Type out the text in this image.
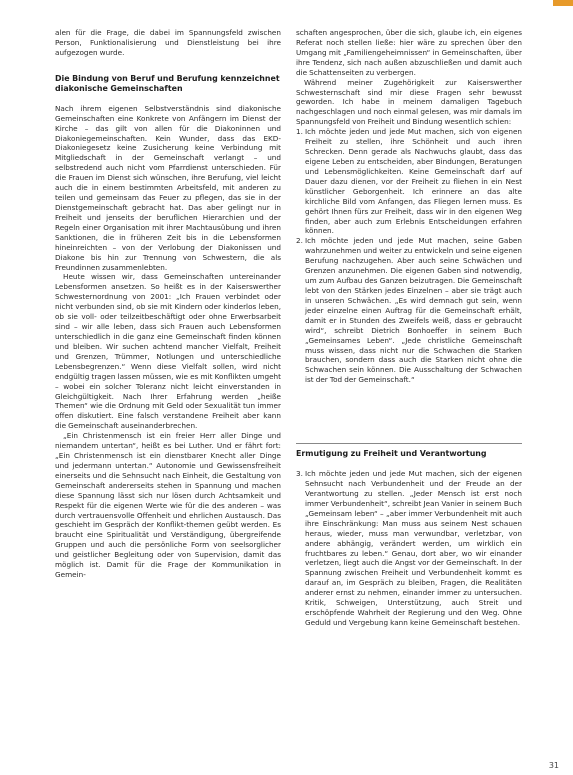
alen für die Frage, die dabei im Spannungsfeld zwischen Person, Funktionalisierung und Dienstleistung bei ihre aufgezogen wurde.

Die Bindung von Beruf und Berufung kennzeichnet diakonische Gemeinschaften

Nach ihrem eigenen Selbstverständnis sind diakonische Gemeinschaften eine Konkrete von Anfängern im Dienst der Kirche – das gilt von allen für die Diakoninnen und Diakoniegemeinschaften. Kein Wunder, dass das EKD-Diakoniegesetz keine Zusicherung keine Verbindung mit Mitgliedschaft in der Gemeinschaft verlangt – und selbstredend auch nicht vom Pfarrdienst unterschieden. Für die Frauen im Dienst sich wünschen, ihre Berufung, viel leicht auch die in einem bestimmten Arbeitsfeld, mit anderen zu teilen und gemeinsam das Feuer zu pflegen, das sie in der Dienstgemeinschaft gebracht hat. Das aber gelingt nur in Freiheit und jenseits der beruflichen Hierarchien und der Regeln einer Organisation mit ihrer Machtausübung und ihren Sanktionen, die in früheren Zeit bis in die Lebensformen hineinreichten – von der Verlobung der Diakonissen und Diakone bis hin zur Trennung von Schwestern, die als Freundinnen zusammenlebten.

Heute wissen wir, dass Gemeinschaften untereinander Lebensformen ansetzen. So heißt es in der Kaiserswerther Schwesternordnung von 2001: „Ich Frauen verbindet oder nicht verbunden sind, ob sie mit Kindern oder kinderlos leben, ob sie voll- oder teilzeitbeschäftigt oder ohne Erwerbsarbeit sind – wir alle leben, dass sich Frauen auch Lebensformen unterschiedlich in die ganz eine Gemeinschaft finden können und bleiben. Wir suchen achtend mancher Vielfalt, Freiheit und Grenzen, Trümmer, Notlungen und unterschiedliche Lebensbegrenzen.“ Wenn diese Vielfalt sollen, wird nicht endgültig tragen lassen müssen, wie es mit Konflikten umgeht – wobei ein solcher Toleranz nicht leicht einverstanden in Gleichgültigkeit. Nach Ihrer Erfahrung werden „heiße Themen“ wie die Ordnung mit Geld oder Sexualität tun immer offen diskutiert. Eine falsch verstandene Freiheit aber kann die Gemeinschaft auseinanderbrechen.

„Ein Christenmensch ist ein freier Herr aller Dinge und niemandem untertan“, heißt es bei Luther. Und er fährt fort: „Ein Christenmensch ist ein dienstbarer Knecht aller Dinge und jedermann untertan.“ Autonomie und Gewissensfreiheit einerseits und die Sehnsucht nach Einheit, die Gestaltung von Gemeinschaft andererseits stehen in Spannung und machen diese Spannung lässt sich nur lösen durch Achtsamkeit und Respekt für die eigenen Werte wie für die des anderen – was durch vertrauensvolle Offenheit und ehrlichen Austausch. Das geschieht im Gespräch der Konflikt-themen geübt werden. Es braucht eine Spiritualität und Verständigung, übergreifende Gruppen und auch die persönliche Form von seelsorglicher und geistlicher Begleitung oder von Supervision, damit das möglich ist. Damit für die Frage der Kommunikation in Gemein-

schaften angesprochen, über die sich, glaube ich, ein eigenes Referat noch stellen ließe: hier wäre zu sprechen über den Umgang mit „Familiengeheimnissen“ in Gemeinschaften, über ihre Tendenz, sich nach außen abzuschließen und damit auch die Schattenseiten zu verbergen.

Während meiner Zugehörigkeit zur Kaiserswerther Schwesternschaft sind mir diese Fragen sehr bewusst geworden. Ich habe in meinem damaligen Tagebuch nachgeschlagen und noch einmal gelesen, was mir damals im Spannungsfeld von Freiheit und Bindung wesentlich schien:

1. Ich möchte jeden und jede Mut machen, sich von eigenen Freiheit zu stellen, ihre Schönheit und auch ihren Schrecken. Denn gerade als Nachwuchs glaubt, dass das eigene Leben zu entscheiden, aber Bindungen, Beratungen und Lebensmöglichkeiten. Keine Gemeinschaft darf auf Dauer dazu dienen, vor der Freiheit zu fliehen in ein Nest künstlicher Geborgenheit. Ich erinnere an das alte kirchliche Bild vom Anfangen, das Fliegen lernen muss. Es gehört Ihnen fürs zur Freiheit, dass wir in den eigenen Weg finden, aber auch zum Erlebnis Entscheidungen erfahren können.
2. Ich möchte jeden und jede Mut machen, seine Gaben wahrzunehmen und weiter zu entwickeln und seine eigenen Berufung nachzugehen. Aber auch seine Schwächen und Grenzen anzunehmen. Die eigenen Gaben sind notwendig, um zum Aufbau des Ganzen beizutragen. Die Gemeinschaft lebt von den Stärken jedes Einzelnen – aber sie trägt auch in unseren Schwächen. „Es wird demnach gut sein, wenn jeder einzelne einen Auftrag für die Gemeinschaft erhält, damit er in Stunden des Zweifels weiß, dass er gebraucht wird“, schreibt Dietrich Bonhoeffer in seinem Buch „Gemeinsames Leben“. „Jede christliche Gemeinschaft muss wissen, dass nicht nur die Schwachen die Starken brauchen, sondern dass auch die Starken nicht ohne die Schwachen sein können. Die Ausschaltung der Schwachen ist der Tod der Gemeinschaft.“
Ermutigung zu Freiheit und Verantwortung
3. Ich möchte jeden und jede Mut machen, sich der eigenen Sehnsucht nach Verbundenheit und der Freude an der Verantwortung zu stellen. „Jeder Mensch ist erst noch immer Verbundenheit“, schreibt Jean Vanier in seinem Buch „Gemeinsam leben“ – „aber immer Verbundenheit mit auch ihre Einschränkung: Man muss aus seinem Nest schauen heraus, wieder, muss man verwundbar, verletzbar, von andere abhängig, verändert werden, um wirklich ein fruchtbares zu leben.“ Genau, dort aber, wo wir einander verletzen, liegt auch die Angst vor der Gemeinschaft. In der Spannung zwischen Freiheit und Verbundenheit kommt es darauf an, im Gespräch zu bleiben, Fragen, die Realitäten anderer ernst zu nehmen, einander immer zu untersuchen. Kritik, Schweigen, Unterstützung, auch Streit und erschöpfende Wahrheit der Regierung und den Weg. Ohne Geduld und Vergebung kann keine Gemeinschaft bestehen.
31
